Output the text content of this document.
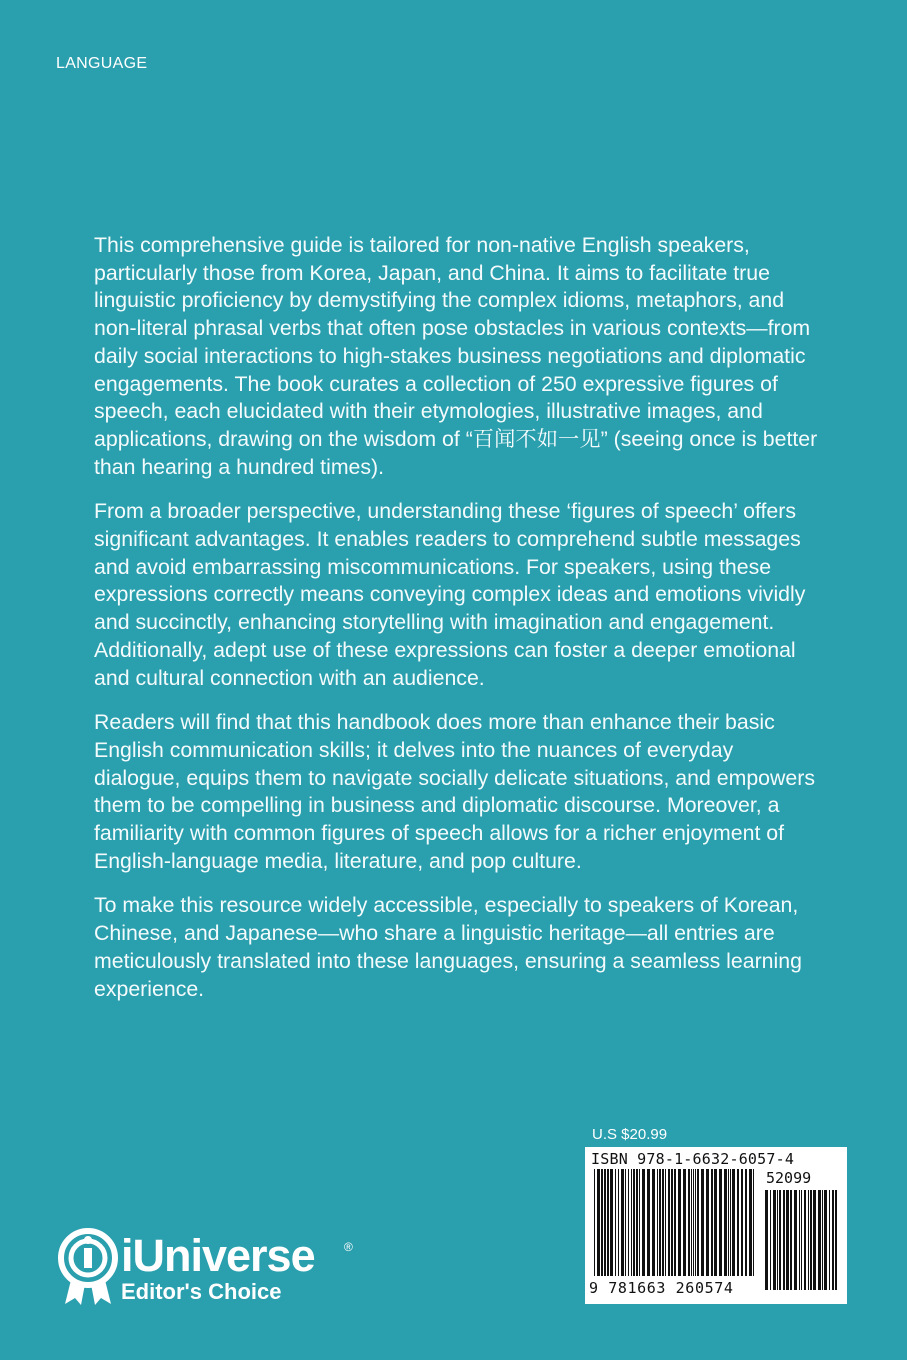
LANGUAGE

This comprehensive guide is tailored for non-native English speakers, particularly those from Korea, Japan, and China. It aims to facilitate true linguistic proficiency by demystifying the complex idioms, metaphors, and non-literal phrasal verbs that often pose obstacles in various contexts—from daily social interactions to high-stakes business negotiations and diplomatic engagements. The book curates a collection of 250 expressive figures of speech, each elucidated with their etymologies, illustrative images, and applications, drawing on the wisdom of “百闻不如一见” (seeing once is better than hearing a hundred times).

From a broader perspective, understanding these ‘figures of speech’ offers significant advantages. It enables readers to comprehend subtle messages and avoid embarrassing miscommunications. For speakers, using these expressions correctly means conveying complex ideas and emotions vividly and succinctly, enhancing storytelling with imagination and engagement. Additionally, adept use of these expressions can foster a deeper emotional and cultural connection with an audience.

Readers will find that this handbook does more than enhance their basic English communication skills; it delves into the nuances of everyday dialogue, equips them to navigate socially delicate situations, and empowers them to be compelling in business and diplomatic discourse. Moreover, a familiarity with common figures of speech allows for a richer enjoyment of English-language media, literature, and pop culture.

To make this resource widely accessible, especially to speakers of Korean, Chinese, and Japanese—who share a linguistic heritage—all entries are meticulously translated into these languages, ensuring a seamless learning experience.

U.S $20.99
ISBN 978-1-6632-6057-4
52099
9 781663 260574
iUniverse ®
Editor's Choice
